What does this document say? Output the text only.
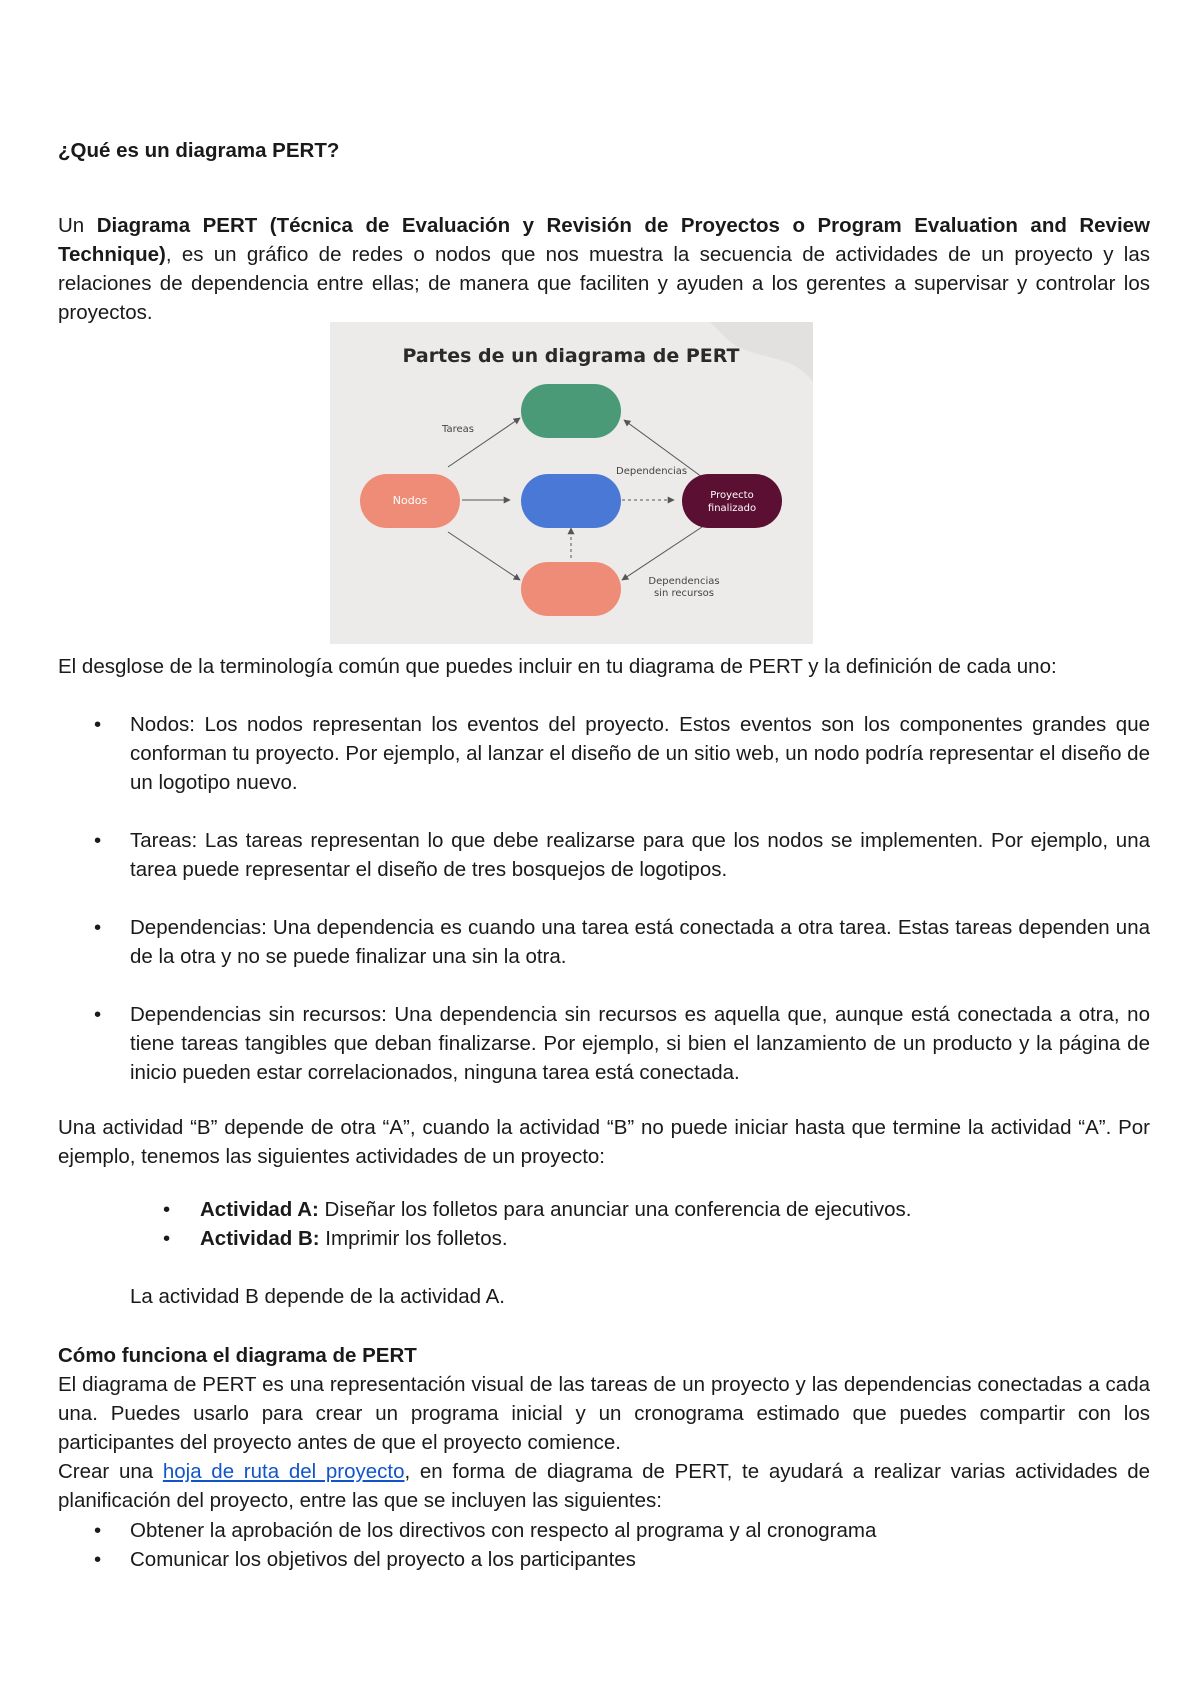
¿Qué es un diagrama PERT?

Un Diagrama PERT (Técnica de Evaluación y Revisión de Proyectos o Program Evaluation and Review Technique), es un gráfico de redes o nodos que nos muestra la secuencia de actividades de un proyecto y las relaciones de dependencia entre ellas; de manera que faciliten y ayuden a los gerentes a supervisar y controlar los proyectos.

Partes de un diagrama de PERT
Tareas
Nodos
Dependencias
Proyecto
finalizado
Dependencias
sin recursos

El desglose de la terminología común que puedes incluir en tu diagrama de PERT y la definición de cada uno:

• Nodos: Los nodos representan los eventos del proyecto. Estos eventos son los componentes grandes que conforman tu proyecto. Por ejemplo, al lanzar el diseño de un sitio web, un nodo podría representar el diseño de un logotipo nuevo.
• Tareas: Las tareas representan lo que debe realizarse para que los nodos se implementen. Por ejemplo, una tarea puede representar el diseño de tres bosquejos de logotipos.
• Dependencias: Una dependencia es cuando una tarea está conectada a otra tarea. Estas tareas dependen una de la otra y no se puede finalizar una sin la otra.
• Dependencias sin recursos: Una dependencia sin recursos es aquella que, aunque está conectada a otra, no tiene tareas tangibles que deban finalizarse. Por ejemplo, si bien el lanzamiento de un producto y la página de inicio pueden estar correlacionados, ninguna tarea está conectada.

Una actividad “B” depende de otra “A”, cuando la actividad “B” no puede iniciar hasta que termine la actividad “A”. Por ejemplo, tenemos las siguientes actividades de un proyecto:

• Actividad A: Diseñar los folletos para anunciar una conferencia de ejecutivos.
• Actividad B: Imprimir los folletos.

La actividad B depende de la actividad A.

Cómo funciona el diagrama de PERT
El diagrama de PERT es una representación visual de las tareas de un proyecto y las dependencias conectadas a cada una. Puedes usarlo para crear un programa inicial y un cronograma estimado que puedes compartir con los participantes del proyecto antes de que el proyecto comience.
Crear una hoja de ruta del proyecto, en forma de diagrama de PERT, te ayudará a realizar varias actividades de planificación del proyecto, entre las que se incluyen las siguientes:
• Obtener la aprobación de los directivos con respecto al programa y al cronograma
• Comunicar los objetivos del proyecto a los participantes
